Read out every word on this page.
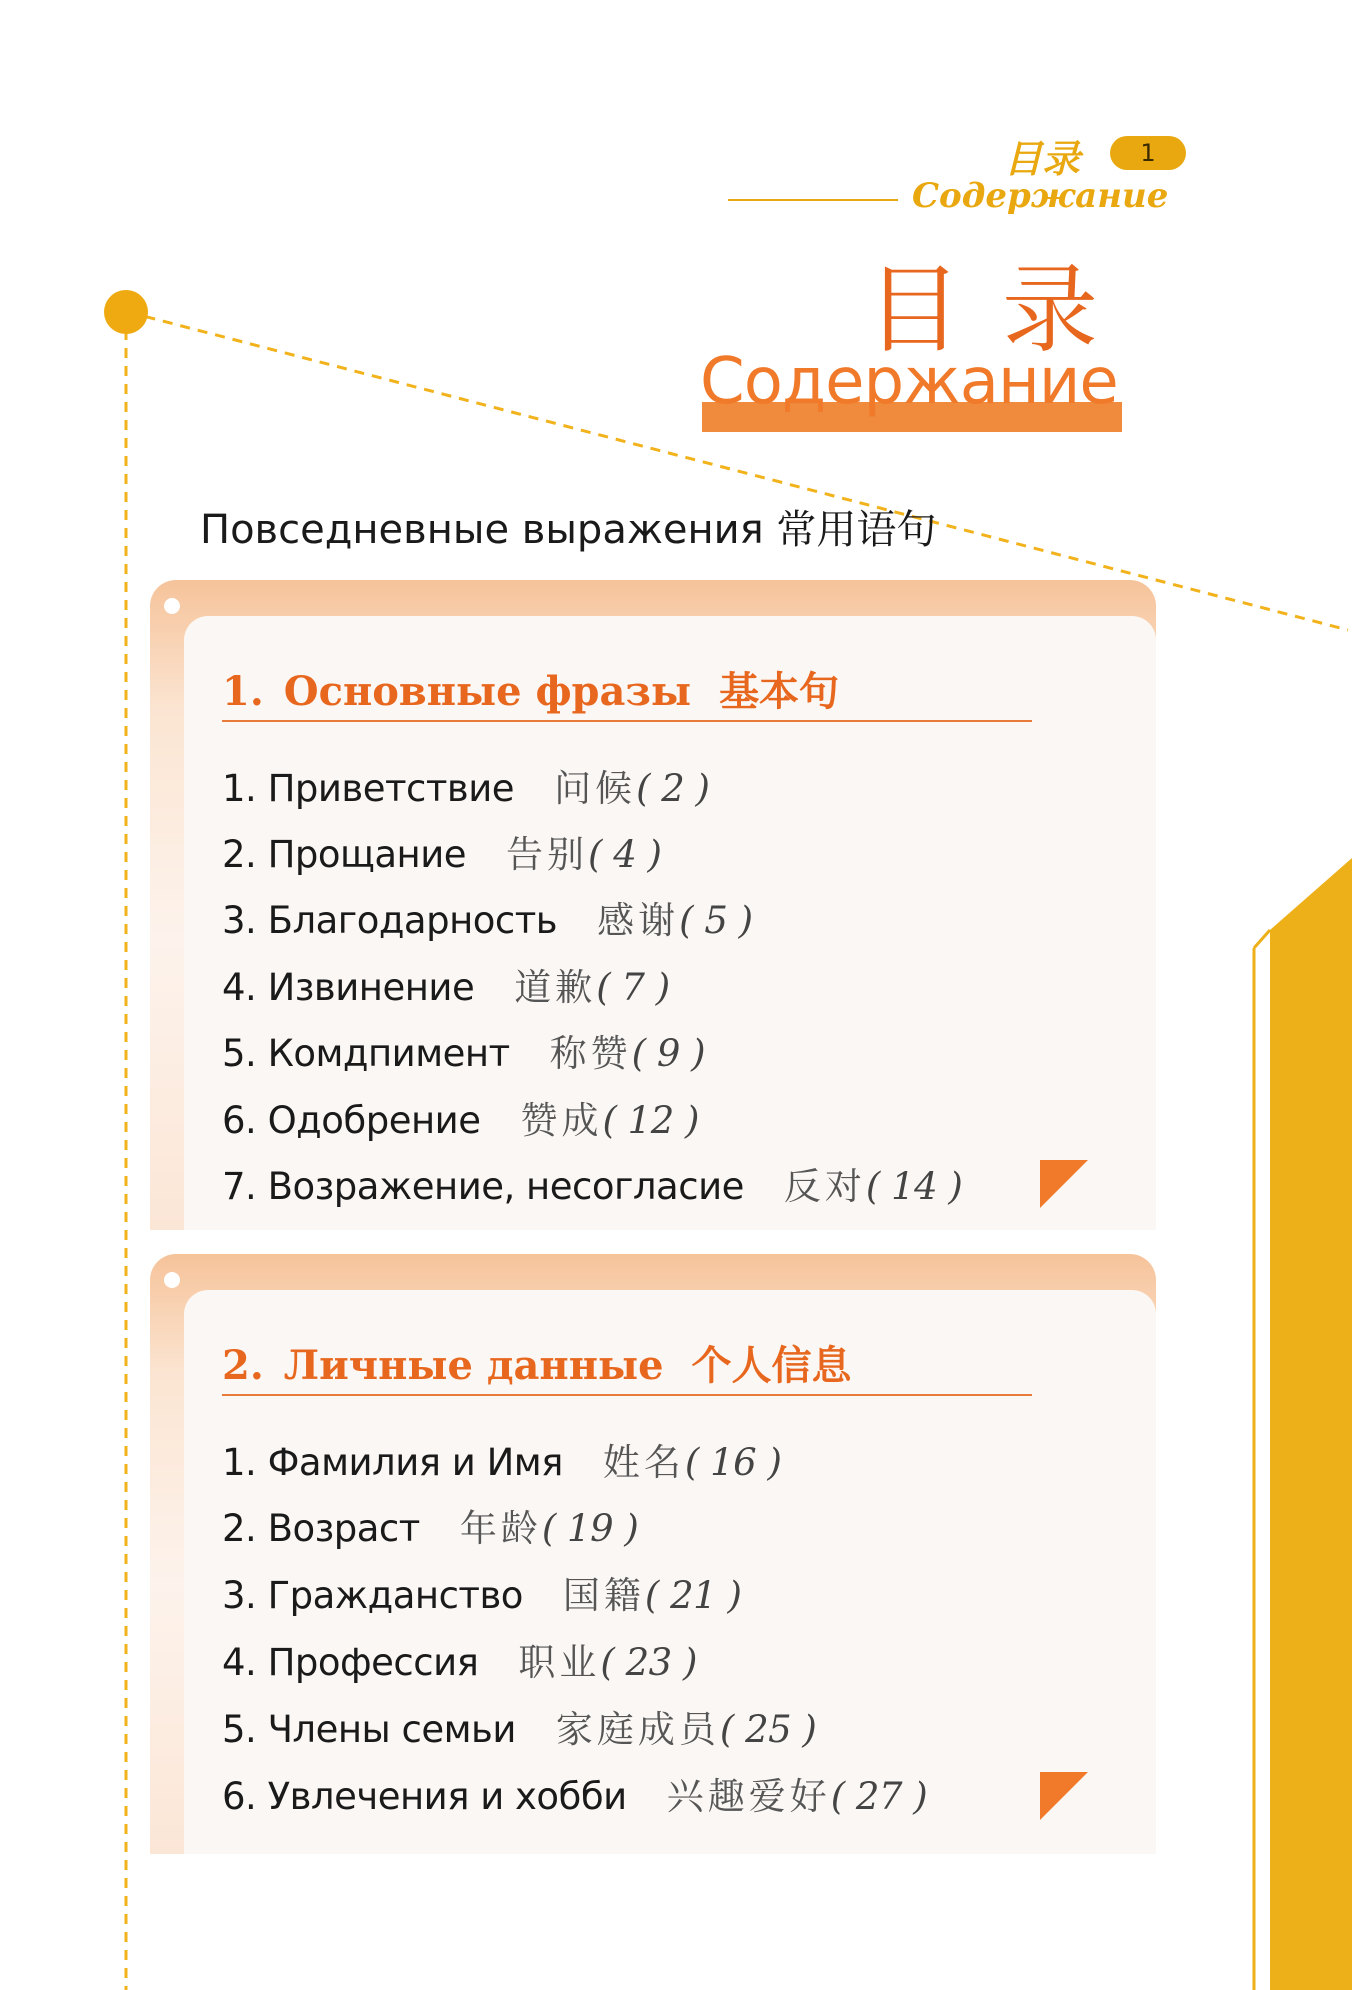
目录	1
Содержание
目录
Содержание
Повседневные выражения 常用语句
1. Основные фразы 基本句
1. Приветствие 问候( 2 )
2. Прощание 告别( 4 )
3. Благодарность 感谢( 5 )
4. Извинение 道歉( 7 )
5. Комдпимент 称赞( 9 )
6. Одобрение 赞成( 12 )
7. Возражение, несогласие 反对( 14 )
2. Личные данные 个人信息
1. Фамилия и Имя 姓名( 16 )
2. Возраст 年龄( 19 )
3. Гражданство 国籍( 21 )
4. Профессия 职业( 23 )
5. Члены семьи 家庭成员( 25 )
6. Увлечения и хобби 兴趣爱好( 27 )
